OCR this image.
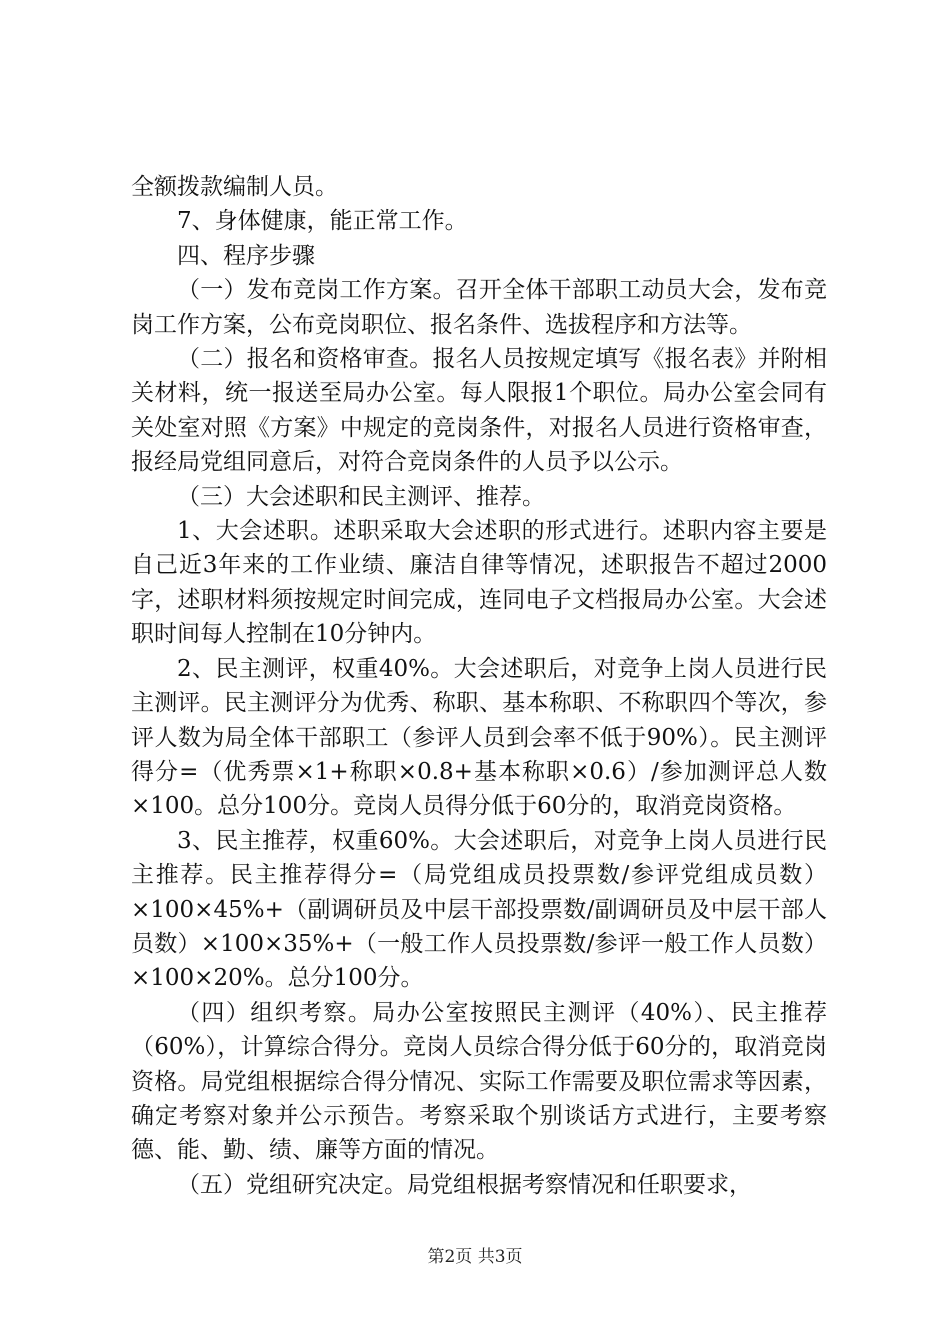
全额拨款编制人员。

7、身体健康，能正常工作。

四、程序步骤

（一）发布竞岗工作方案。召开全体干部职工动员大会，发布竞岗工作方案，公布竞岗职位、报名条件、选拔程序和方法等。

（二）报名和资格审查。报名人员按规定填写《报名表》并附相关材料，统一报送至局办公室。每人限报1个职位。局办公室会同有关处室对照《方案》中规定的竞岗条件，对报名人员进行资格审查，报经局党组同意后，对符合竞岗条件的人员予以公示。

（三）大会述职和民主测评、推荐。

1、大会述职。述职采取大会述职的形式进行。述职内容主要是自己近3年来的工作业绩、廉洁自律等情况，述职报告不超过2000字，述职材料须按规定时间完成，连同电子文档报局办公室。大会述职时间每人控制在10分钟内。

2、民主测评，权重40%。大会述职后，对竞争上岗人员进行民主测评。民主测评分为优秀、称职、基本称职、不称职四个等次，参评人数为局全体干部职工（参评人员到会率不低于90%）。民主测评得分=（优秀票×1+称职×0.8+基本称职×0.6）/参加测评总人数×100。总分100分。竞岗人员得分低于60分的，取消竞岗资格。

3、民主推荐，权重60%。大会述职后，对竞争上岗人员进行民主推荐。民主推荐得分=（局党组成员投票数/参评党组成员数）×100×45%+（副调研员及中层干部投票数/副调研员及中层干部人员数）×100×35%+（一般工作人员投票数/参评一般工作人员数）×100×20%。总分100分。

（四）组织考察。局办公室按照民主测评（40%）、民主推荐（60%），计算综合得分。竞岗人员综合得分低于60分的，取消竞岗资格。局党组根据综合得分情况、实际工作需要及职位需求等因素，确定考察对象并公示预告。考察采取个别谈话方式进行，主要考察德、能、勤、绩、廉等方面的情况。

（五）党组研究决定。局党组根据考察情况和任职要求，

第2页 共3页
